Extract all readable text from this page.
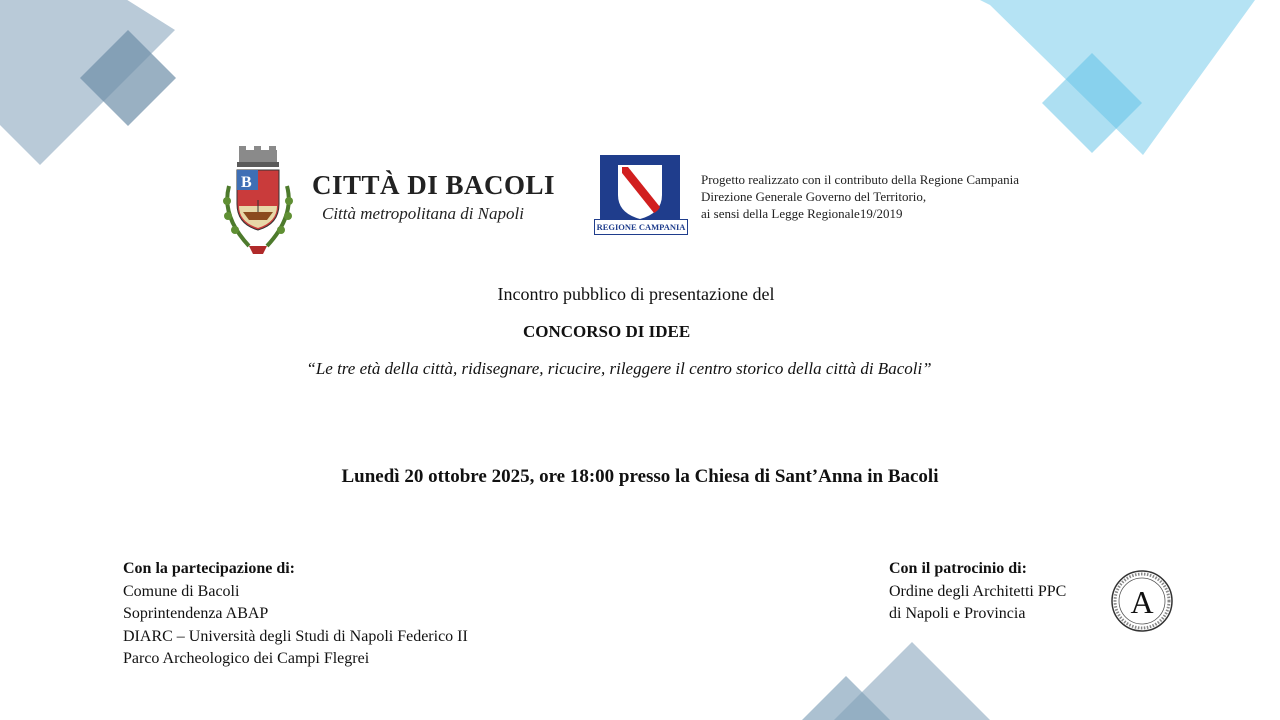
B CITTÀ DI BACOLI
Città metropolitana di Napoli
REGIONE CAMPANIA
Progetto realizzato con il contributo della Regione Campania
Direzione Generale Governo del Territorio,
ai sensi della Legge Regionale19/2019
Incontro pubblico di presentazione del
CONCORSO DI IDEE
“Le tre età della città, ridisegnare, ricucire, rileggere il centro storico della città di Bacoli”
Lunedì 20 ottobre 2025, ore 18:00 presso la Chiesa di Sant’Anna in Bacoli
Con la partecipazione di:
Comune di Bacoli
Soprintendenza ABAP
DIARC – Università degli Studi di Napoli Federico II
Parco Archeologico dei Campi Flegrei
Con il patrocinio di:
Ordine degli Architetti PPC
di Napoli e Provincia	A
